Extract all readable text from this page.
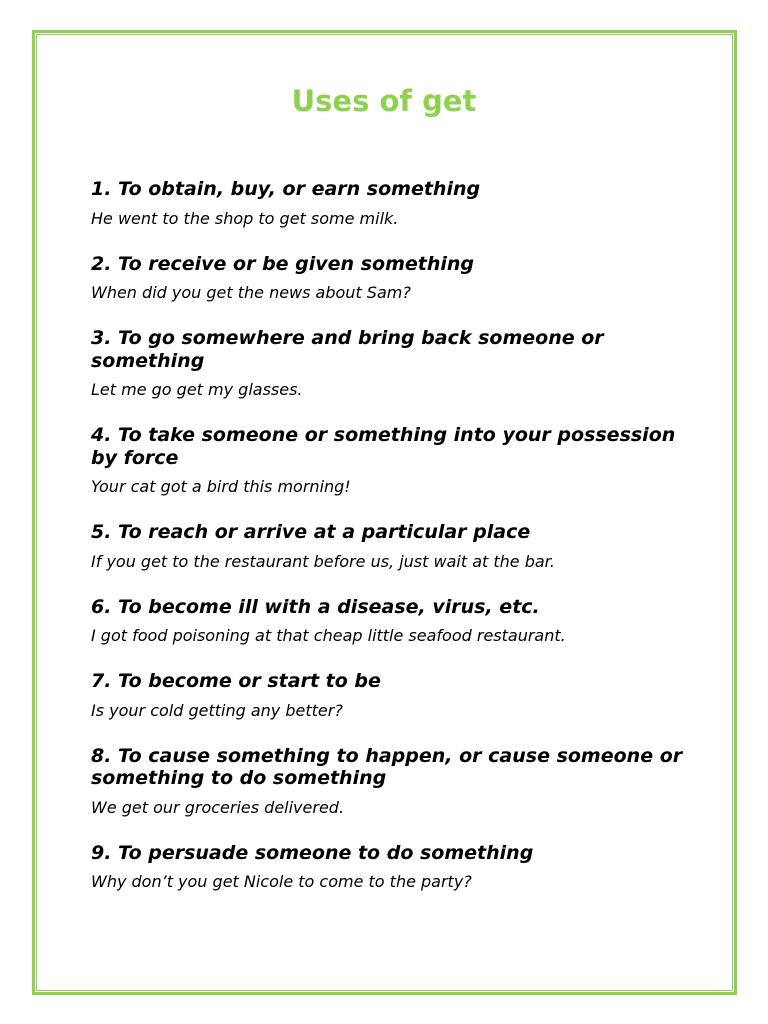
Uses of get

1. To obtain, buy, or earn something

He went to the shop to get some milk.

2. To receive or be given something

When did you get the news about Sam?

3. To go somewhere and bring back someone or something

Let me go get my glasses.

4. To take someone or something into your possession by force

Your cat got a bird this morning!

5. To reach or arrive at a particular place

If you get to the restaurant before us, just wait at the bar.

6. To become ill with a disease, virus, etc.

I got food poisoning at that cheap little seafood restaurant.

7. To become or start to be

Is your cold getting any better?

8. To cause something to happen, or cause someone or something to do something

We get our groceries delivered.

9. To persuade someone to do something

Why don’t you get Nicole to come to the party?
